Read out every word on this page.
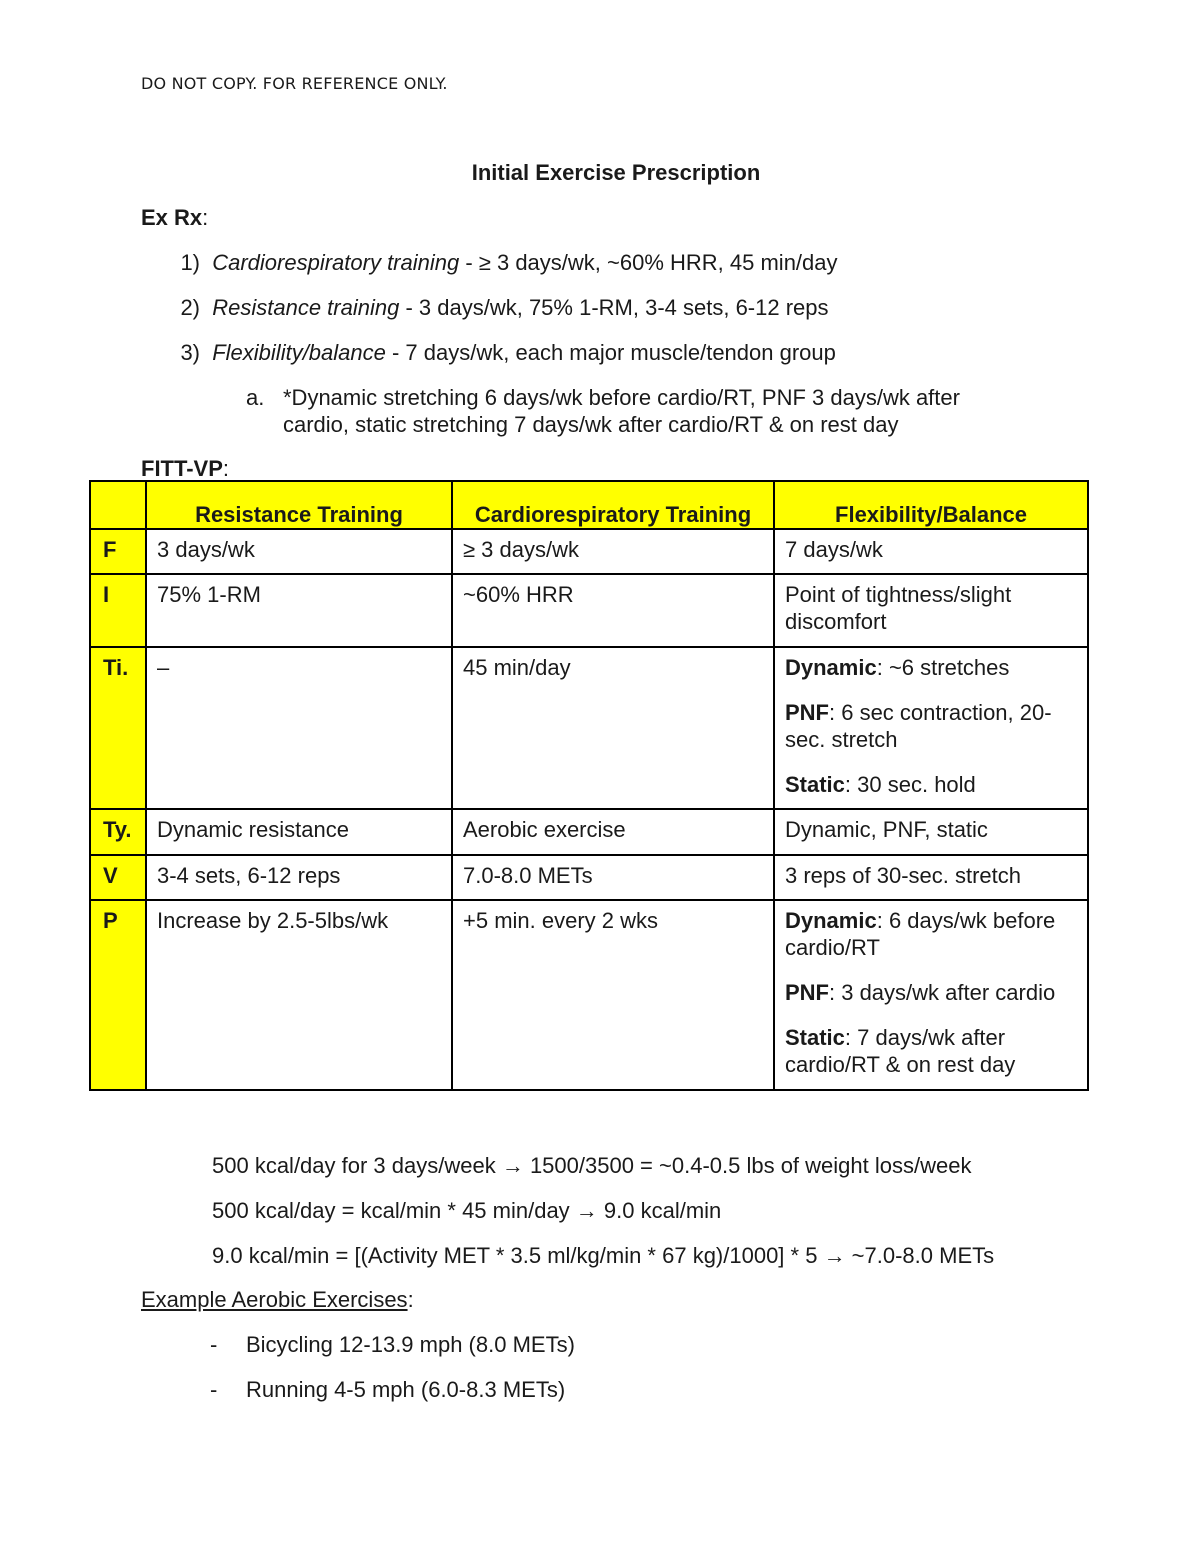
DO NOT COPY. FOR REFERENCE ONLY.
Initial Exercise Prescription
Ex Rx:
1) Cardiorespiratory training - ≥ 3 days/wk, ~60% HRR, 45 min/day
2) Resistance training - 3 days/wk, 75% 1-RM, 3-4 sets, 6-12 reps
3) Flexibility/balance - 7 days/wk, each major muscle/tendon group
a. *Dynamic stretching 6 days/wk before cardio/RT, PNF 3 days/wk after
cardio, static stretching 7 days/wk after cardio/RT & on rest day
FITT-VP:
	Resistance Training	Cardiorespiratory Training	Flexibility/Balance
F	3 days/wk	≥ 3 days/wk	7 days/wk
I	75% 1-RM	~60% HRR	Point of tightness/slight discomfort
Ti.	–	45 min/day	Dynamic: ~6 stretches
PNF: 6 sec contraction, 20-sec. stretch
Static: 30 sec. hold

Ty.	Dynamic resistance	Aerobic exercise	Dynamic, PNF, static
V	3-4 sets, 6-12 reps	7.0-8.0 METs	3 reps of 30-sec. stretch
P	Increase by 2.5-5lbs/wk	+5 min. every 2 wks	Dynamic: 6 days/wk before cardio/RT
PNF: 3 days/wk after cardio
Static: 7 days/wk after cardio/RT & on rest day
500 kcal/day for 3 days/week → 1500/3500 = ~0.4-0.5 lbs of weight loss/week
500 kcal/day = kcal/min * 45 min/day → 9.0 kcal/min
9.0 kcal/min = [(Activity MET * 3.5 ml/kg/min * 67 kg)/1000] * 5 → ~7.0-8.0 METs
Example Aerobic Exercises:
- Bicycling 12-13.9 mph (8.0 METs)
- Running 4-5 mph (6.0-8.3 METs)
